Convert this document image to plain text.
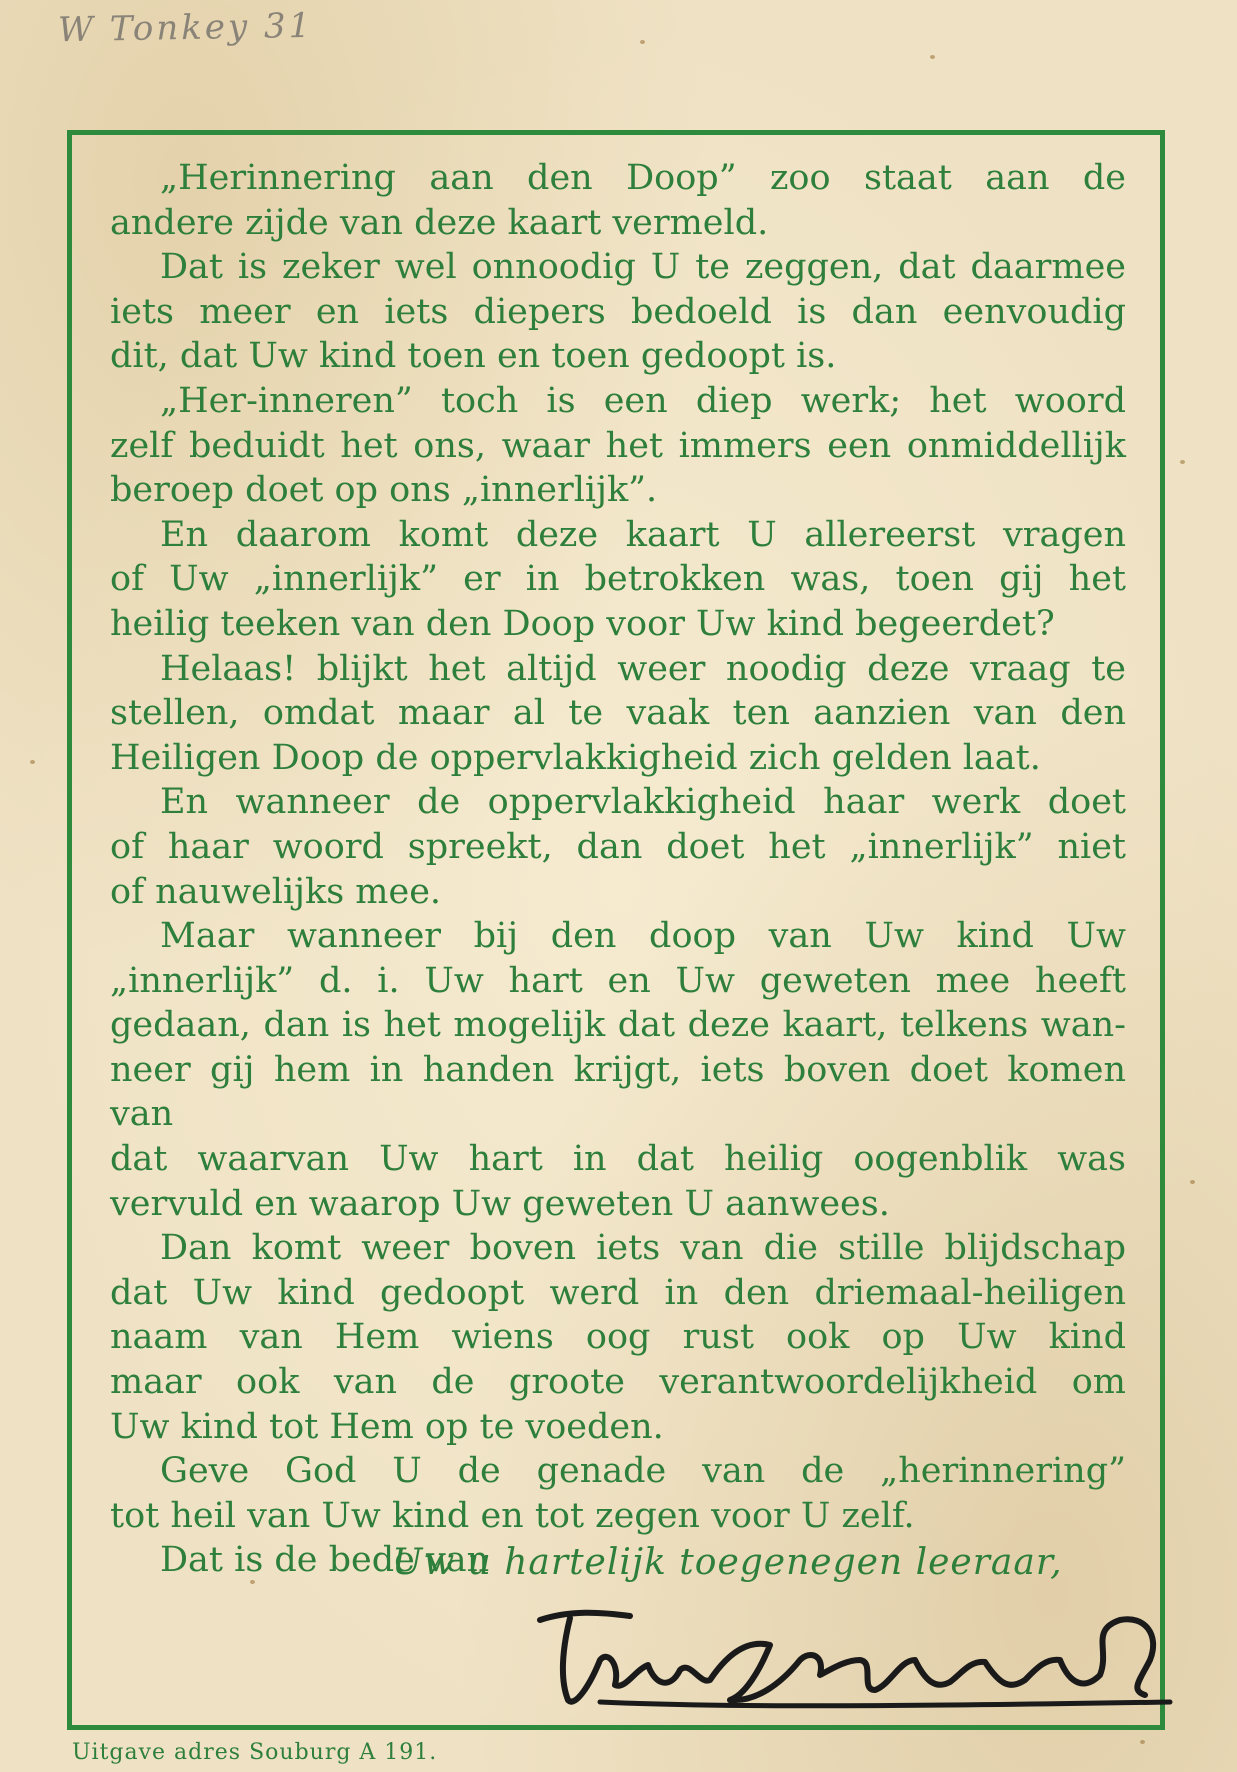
W Tonkey 31
„Herinnering aan den Doop” zoo staat aan de
andere zijde van deze kaart vermeld.
Dat is zeker wel onnoodig U te zeggen, dat daarmee
iets meer en iets diepers bedoeld is dan eenvoudig
dit, dat Uw kind toen en toen gedoopt is.
„Her-inneren” toch is een diep werk; het woord
zelf beduidt het ons, waar het immers een onmiddellijk
beroep doet op ons „innerlijk”.
En daarom komt deze kaart U allereerst vragen
of Uw „innerlijk” er in betrokken was, toen gij het
heilig teeken van den Doop voor Uw kind begeerdet?
Helaas! blijkt het altijd weer noodig deze vraag te
stellen, omdat maar al te vaak ten aanzien van den
Heiligen Doop de oppervlakkigheid zich gelden laat.
En wanneer de oppervlakkigheid haar werk doet
of haar woord spreekt, dan doet het „innerlijk” niet
of nauwelijks mee.
Maar wanneer bij den doop van Uw kind Uw
„innerlijk” d. i. Uw hart en Uw geweten mee heeft
gedaan, dan is het mogelijk dat deze kaart, telkens wan-
neer gij hem in handen krijgt, iets boven doet komen van
dat waarvan Uw hart in dat heilig oogenblik was
vervuld en waarop Uw geweten U aanwees.
Dan komt weer boven iets van die stille blijdschap
dat Uw kind gedoopt werd in den driemaal-heiligen
naam van Hem wiens oog rust ook op Uw kind
maar ook van de groote verantwoordelijkheid om
Uw kind tot Hem op te voeden.
Geve God U de genade van de „herinnering”
tot heil van Uw kind en tot zegen voor U zelf.
Dat is de bede van
Uw u hartelijk toegenegen leeraar,
Uitgave adres Souburg A 191.
